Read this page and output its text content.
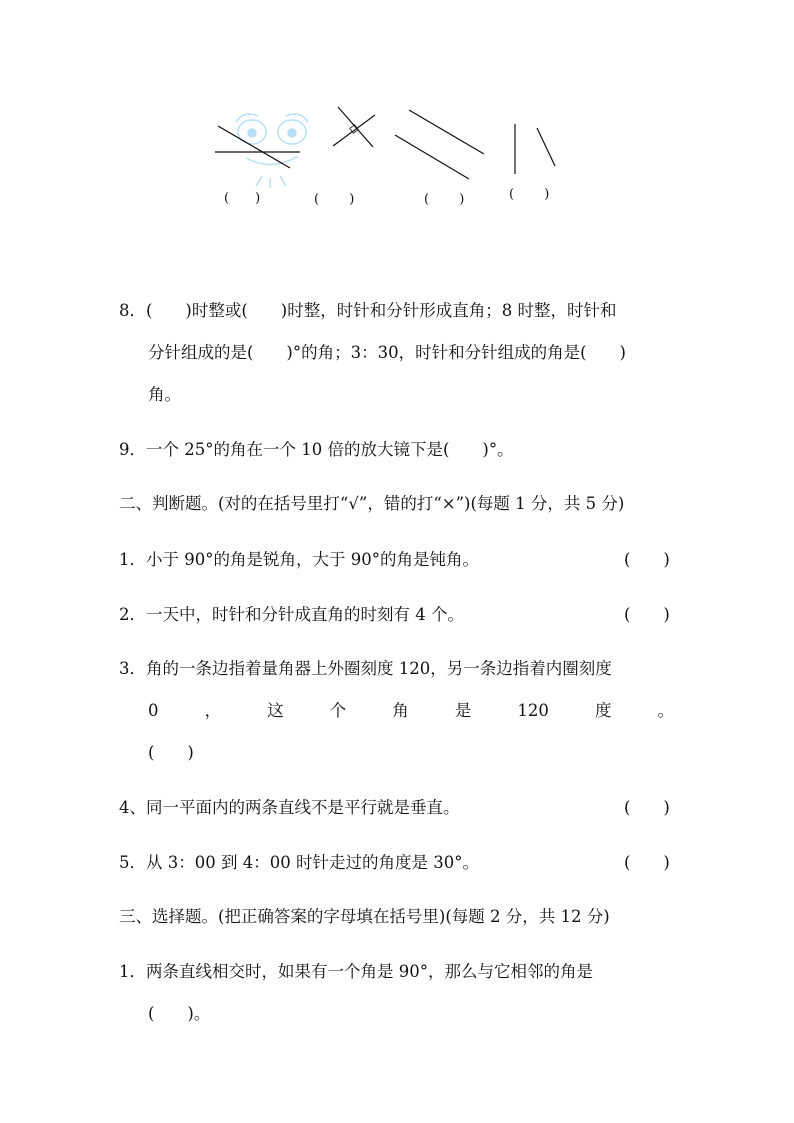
(　　)	(　　 )	(　　 )	(　　 )
8．(　　)时整或(　　)时整，时针和分针形成直角；8 时整，时针和
分针组成的是(　　)°的角；3：30，时针和分针组成的角是(　　)
角。
9．一个 25°的角在一个 10 倍的放大镜下是(　　)°。
二、判断题。(对的在括号里打“√”，错的打“×”)(每题 1 分，共 5 分)
1．小于 90°的角是锐角，大于 90°的角是钝角。	(　　)
2．一天中，时针和分针成直角的时刻有 4 个。	(　　)
3．角的一条边指着量角器上外圈刻度 120，另一条边指着内圈刻度
0	，	这	个	角	是	120	度	。
(　　)
4、同一平面内的两条直线不是平行就是垂直。	(　　)
5．从 3：00 到 4：00 时针走过的角度是 30°。	(　　)
三、选择题。(把正确答案的字母填在括号里)(每题 2 分，共 12 分)
1．两条直线相交时，如果有一个角是 90°，那么与它相邻的角是
(　　)。
